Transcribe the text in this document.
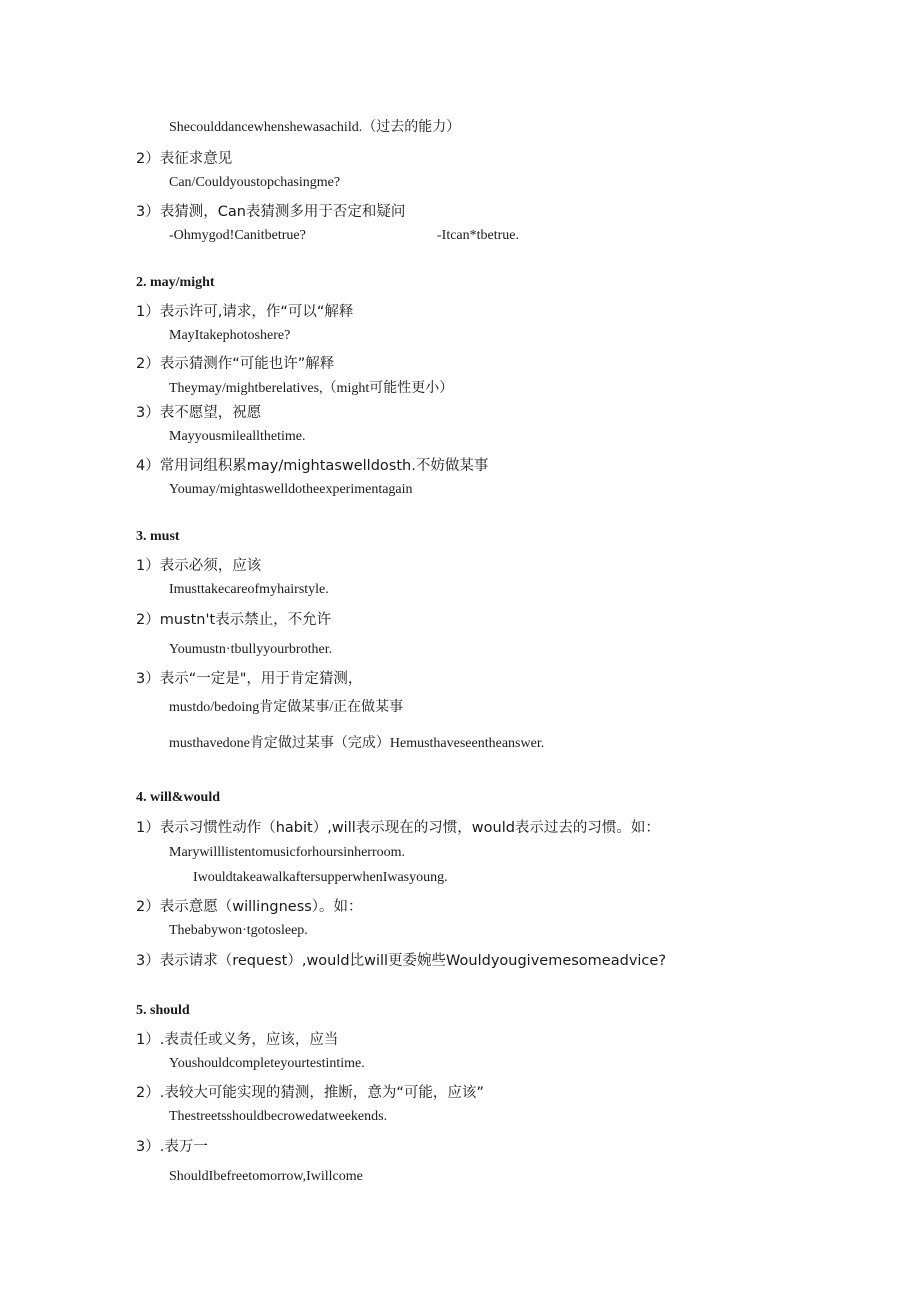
Shecoulddancewhenshewasachild.（过去的能力）
2）表征求意见
Can/Couldyoustopchasingme?
3）表猜测，Can表猜测多用于否定和疑问
-Ohmygod!Canitbetrue?	-Itcan*tbetrue.
2. may/might
1）表示许可,请求，作“可以“解释
MayItakephotoshere?
2）表示猜测作“可能也许”解释
Theymay/mightberelatives,（might可能性更小）
3）表不愿望，祝愿
Mayyousmileallthetime.
4）常用词组积累may/mightaswelldosth.不妨做某事
Youmay/mightaswelldotheexperimentagain
3. must
1）表示必须，应该
Imusttakecareofmyhairstyle.
2）mustn't表示禁止，不允许
Youmustn·tbullyyourbrother.
3）表示“一定是"，用于肯定猜测，
mustdo/bedoing肯定做某事/正在做某事
musthavedone肯定做过某事（完成）Hemusthaveseentheanswer.
4. will&would
1）表示习惯性动作（habit）,will表示现在的习惯，would表示过去的习惯。如：
Marywilllistentomusicforhoursinherroom.
IwouldtakeawalkaftersupperwhenIwasyoung.
2）表示意愿（willingness）。如：
Thebabywon·tgotosleep.
3）表示请求（request）,would比will更委婉些Wouldyougivemesomeadvice?
5. should
1）.表责任或义务，应该，应当
Youshouldcompleteyourtestintime.
2）.表较大可能实现的猜测，推断，意为“可能，应该”
Thestreetsshouldbecrowedatweekends.
3）.表万一
ShouldIbefreetomorrow,Iwillcome
